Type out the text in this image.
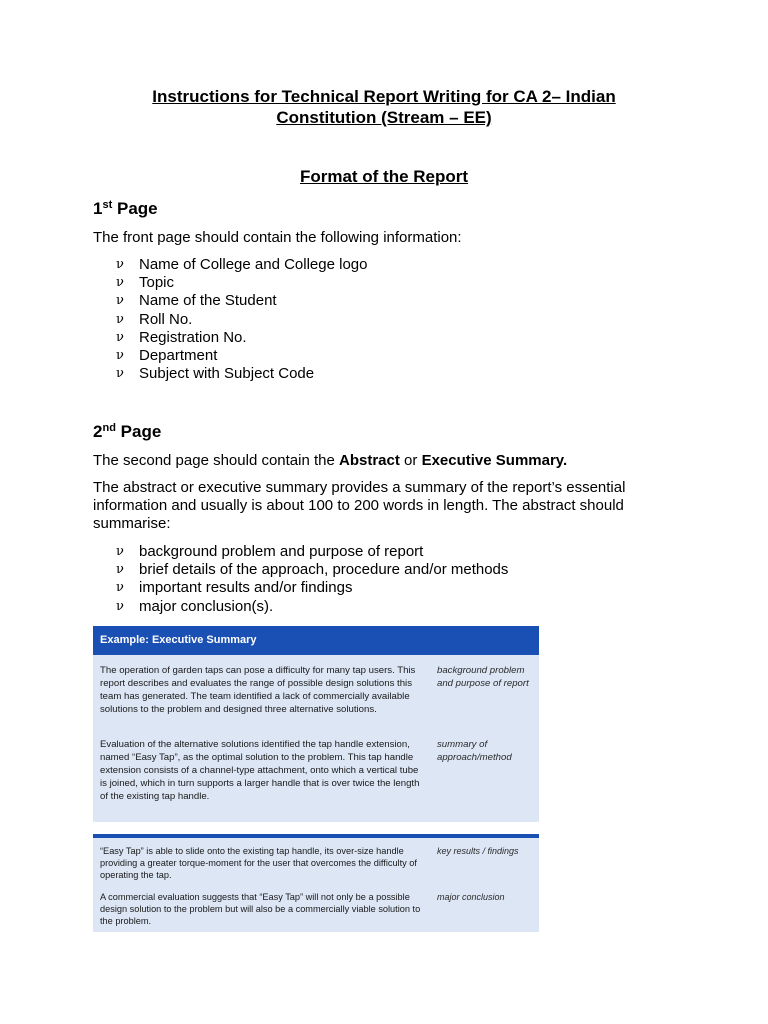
Instructions for Technical Report Writing for CA 2– Indian
Constitution (Stream – EE)
Format of the Report
1st Page
The front page should contain the following information:
ν Name of College and College logo
ν Topic
ν Name of the Student
ν Roll No.
ν Registration No.
ν Department
ν Subject with Subject Code
2nd Page
The second page should contain the Abstract or Executive Summary.
The abstract or executive summary provides a summary of the report’s essential information and usually is about 100 to 200 words in length. The abstract should summarise:
ν background problem and purpose of report
ν brief details of the approach, procedure and/or methods
ν important results and/or findings
ν major conclusion(s).
Example: Executive Summary
The operation of garden taps can pose a difficulty for many tap users. This report describes and evaluates the range of possible design solutions this team has generated. The team identified a lack of commercially available solutions to the problem and designed three alternative solutions.
background problem and purpose of report
Evaluation of the alternative solutions identified the tap handle extension, named “Easy Tap”, as the optimal solution to the problem. This tap handle extension consists of a channel-type attachment, onto which a vertical tube is joined, which in turn supports a larger handle that is over twice the length of the existing tap handle.
summary of approach/method
“Easy Tap” is able to slide onto the existing tap handle, its over-size handle providing a greater torque-moment for the user that overcomes the difficulty of operating the tap.
key results / findings
A commercial evaluation suggests that “Easy Tap” will not only be a possible design solution to the problem but will also be a commercially viable solution to the problem.
major conclusion
